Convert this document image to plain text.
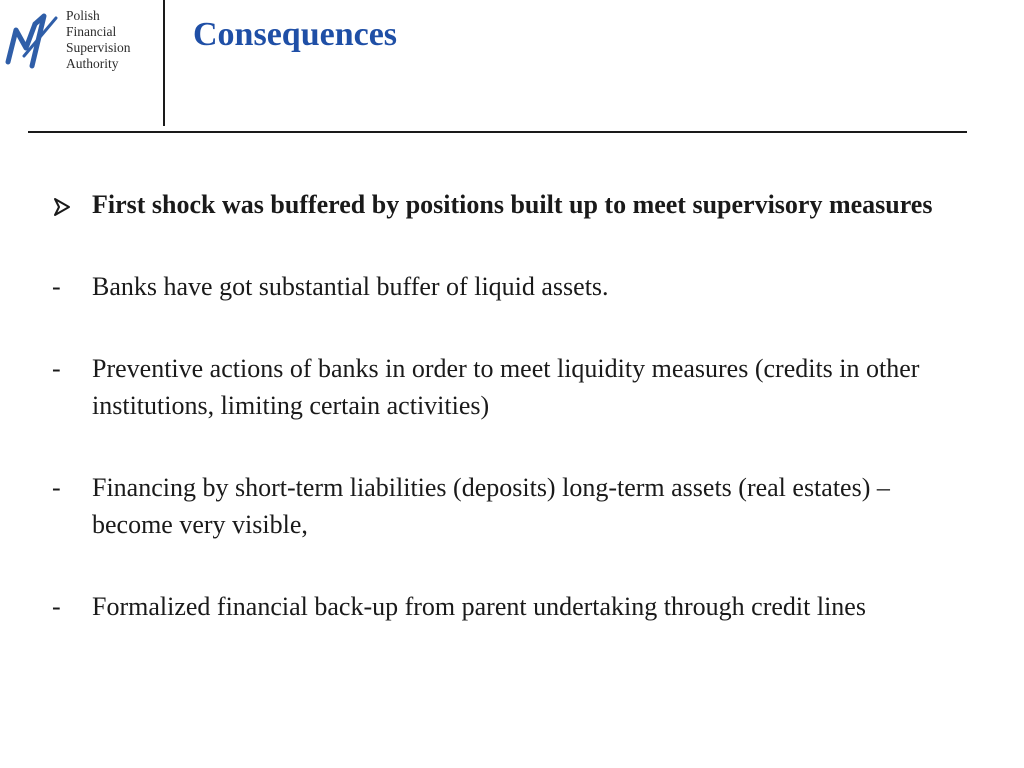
Polish
Financial
Supervision
Authority
Consequences
First shock was buffered by positions built up to meet supervisory measures
-	Banks have got substantial buffer of liquid assets.
-	Preventive actions of banks in order to meet liquidity measures (credits in other institutions, limiting certain activities)
-	Financing by short-term liabilities (deposits) long-term assets (real estates) – become very visible,
-	Formalized financial back-up from parent undertaking through credit lines
